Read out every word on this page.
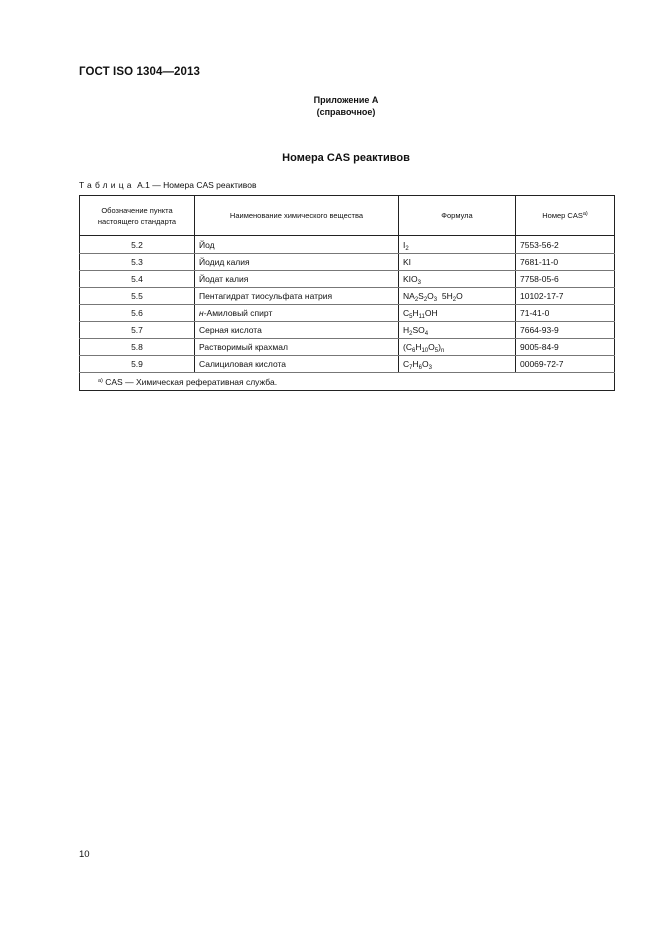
ГОСТ ISO 1304—2013
Приложение А
(справочное)
Номера CAS реактивов
Таблица А.1 — Номера CAS реактивов
Обозначение пункта настоящего стандарта	Наименование химического вещества	Формула	Номер $CAS^{а)}$
5.2	Йод	$I_2$	7553-56-2
5.3	Йодид калия	KI	7681-11-0
5.4	Йодат калия	$KIO_3$	7758-05-6
5.5	Пентагидрат тиосульфата натрия	$NA_2S_2O_3$  $5H_2O$	10102-17-7
5.6	н-Амиловый спирт	$C_5H_{11}OH$	71-41-0
5.7	Серная кислота	$H_2SO_4$	7664-93-9
5.8	Растворимый крахмал	$(C_6H_{10}O_5)_n$	9005-84-9
5.9	Салициловая кислота	$C_7H_6O_3$	00069-72-7
$^{а)}$ CAS — Химическая реферативная служба.			
10
